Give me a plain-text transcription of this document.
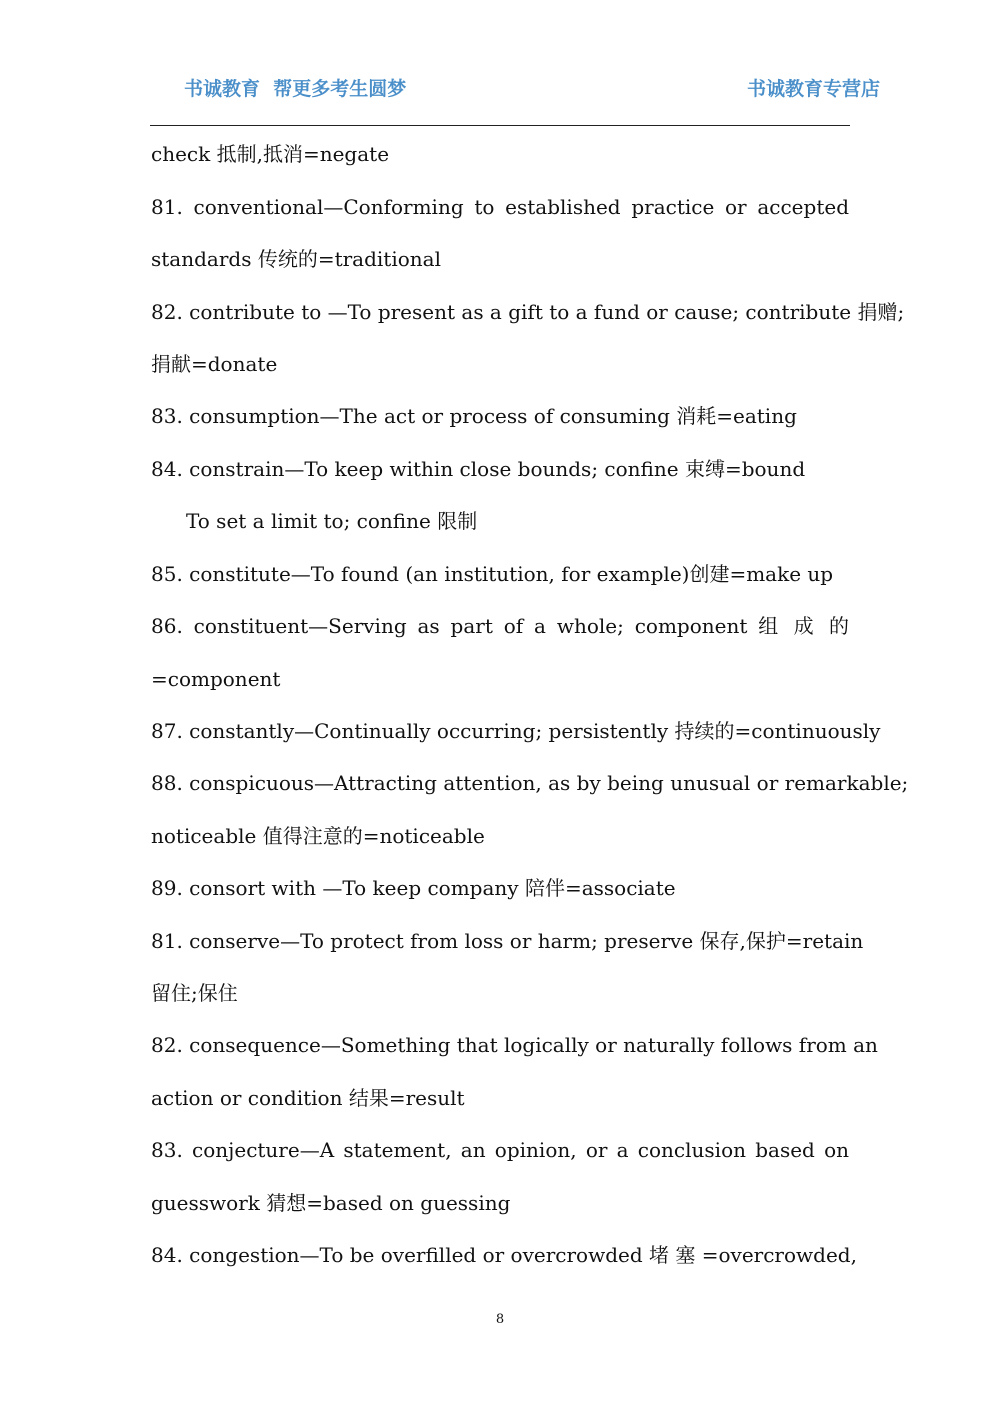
书诚教育  帮更多考生圆梦	书诚教育专营店
check 抵制,抵消=negate
81. conventional—Conforming to established practice or accepted
standards 传统的=traditional
82. contribute to —To present as a gift to a fund or cause; contribute 捐赠;
捐献=donate
83. consumption—The act or process of consuming 消耗=eating
84. constrain—To keep within close bounds; confine 束缚=bound
To set a limit to; confine 限制
85. constitute—To found (an institution, for example)创建=make up
86. constituent—Serving as part of a whole; component 组 成 的
=component
87. constantly—Continually occurring; persistently 持续的=continuously
88. conspicuous—Attracting attention, as by being unusual or remarkable;
noticeable 值得注意的=noticeable
89. consort with —To keep company 陪伴=associate
81. conserve—To protect from loss or harm; preserve 保存,保护=retain
留住;保住
82. consequence—Something that logically or naturally follows from an
action or condition 结果=result
83. conjecture—A statement, an opinion, or a conclusion based on
guesswork 猜想=based on guessing
84. congestion—To be overfilled or overcrowded 堵 塞 =overcrowded,
8
